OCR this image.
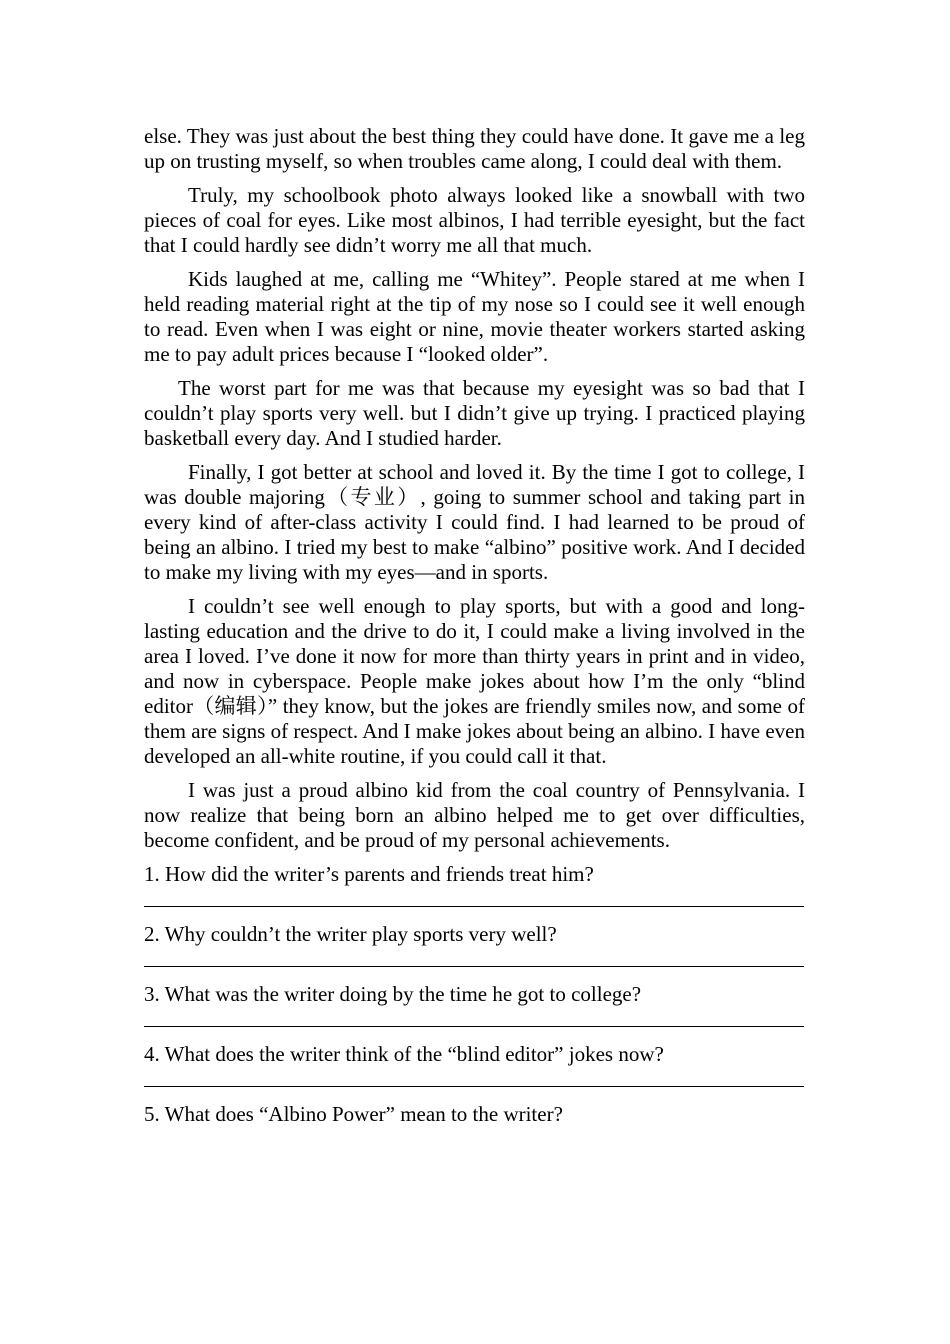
else. They was just about the best thing they could have done. It gave me a leg up on trusting myself, so when troubles came along, I could deal with them.

Truly, my schoolbook photo always looked like a snowball with two pieces of coal for eyes. Like most albinos, I had terrible eyesight, but the fact that I could hardly see didn’t worry me all that much.

Kids laughed at me, calling me “Whitey”. People stared at me when I held reading material right at the tip of my nose so I could see it well enough to read. Even when I was eight or nine, movie theater workers started asking me to pay adult prices because I “looked older”.

The worst part for me was that because my eyesight was so bad that I couldn’t play sports very well. but I didn’t give up trying. I practiced playing basketball every day. And I studied harder.

Finally, I got better at school and loved it. By the time I got to college, I was double majoring（专业）, going to summer school and taking part in every kind of after-class activity I could find. I had learned to be proud of being an albino. I tried my best to make “albino” positive work. And I decided to make my living with my eyes—and in sports.

I couldn’t see well enough to play sports, but with a good and long-lasting education and the drive to do it, I could make a living involved in the area I loved. I’ve done it now for more than thirty years in print and in video, and now in cyberspace. People make jokes about how I’m the only “blind editor（编辑）” they know, but the jokes are friendly smiles now, and some of them are signs of respect. And I make jokes about being an albino. I have even developed an all-white routine, if you could call it that.

I was just a proud albino kid from the coal country of Pennsylvania. I now realize that being born an albino helped me to get over difficulties, become confident, and be proud of my personal achievements.

1. How did the writer’s parents and friends treat him?

2. Why couldn’t the writer play sports very well?

3. What was the writer doing by the time he got to college?

4. What does the writer think of the “blind editor” jokes now?

5. What does “Albino Power” mean to the writer?
